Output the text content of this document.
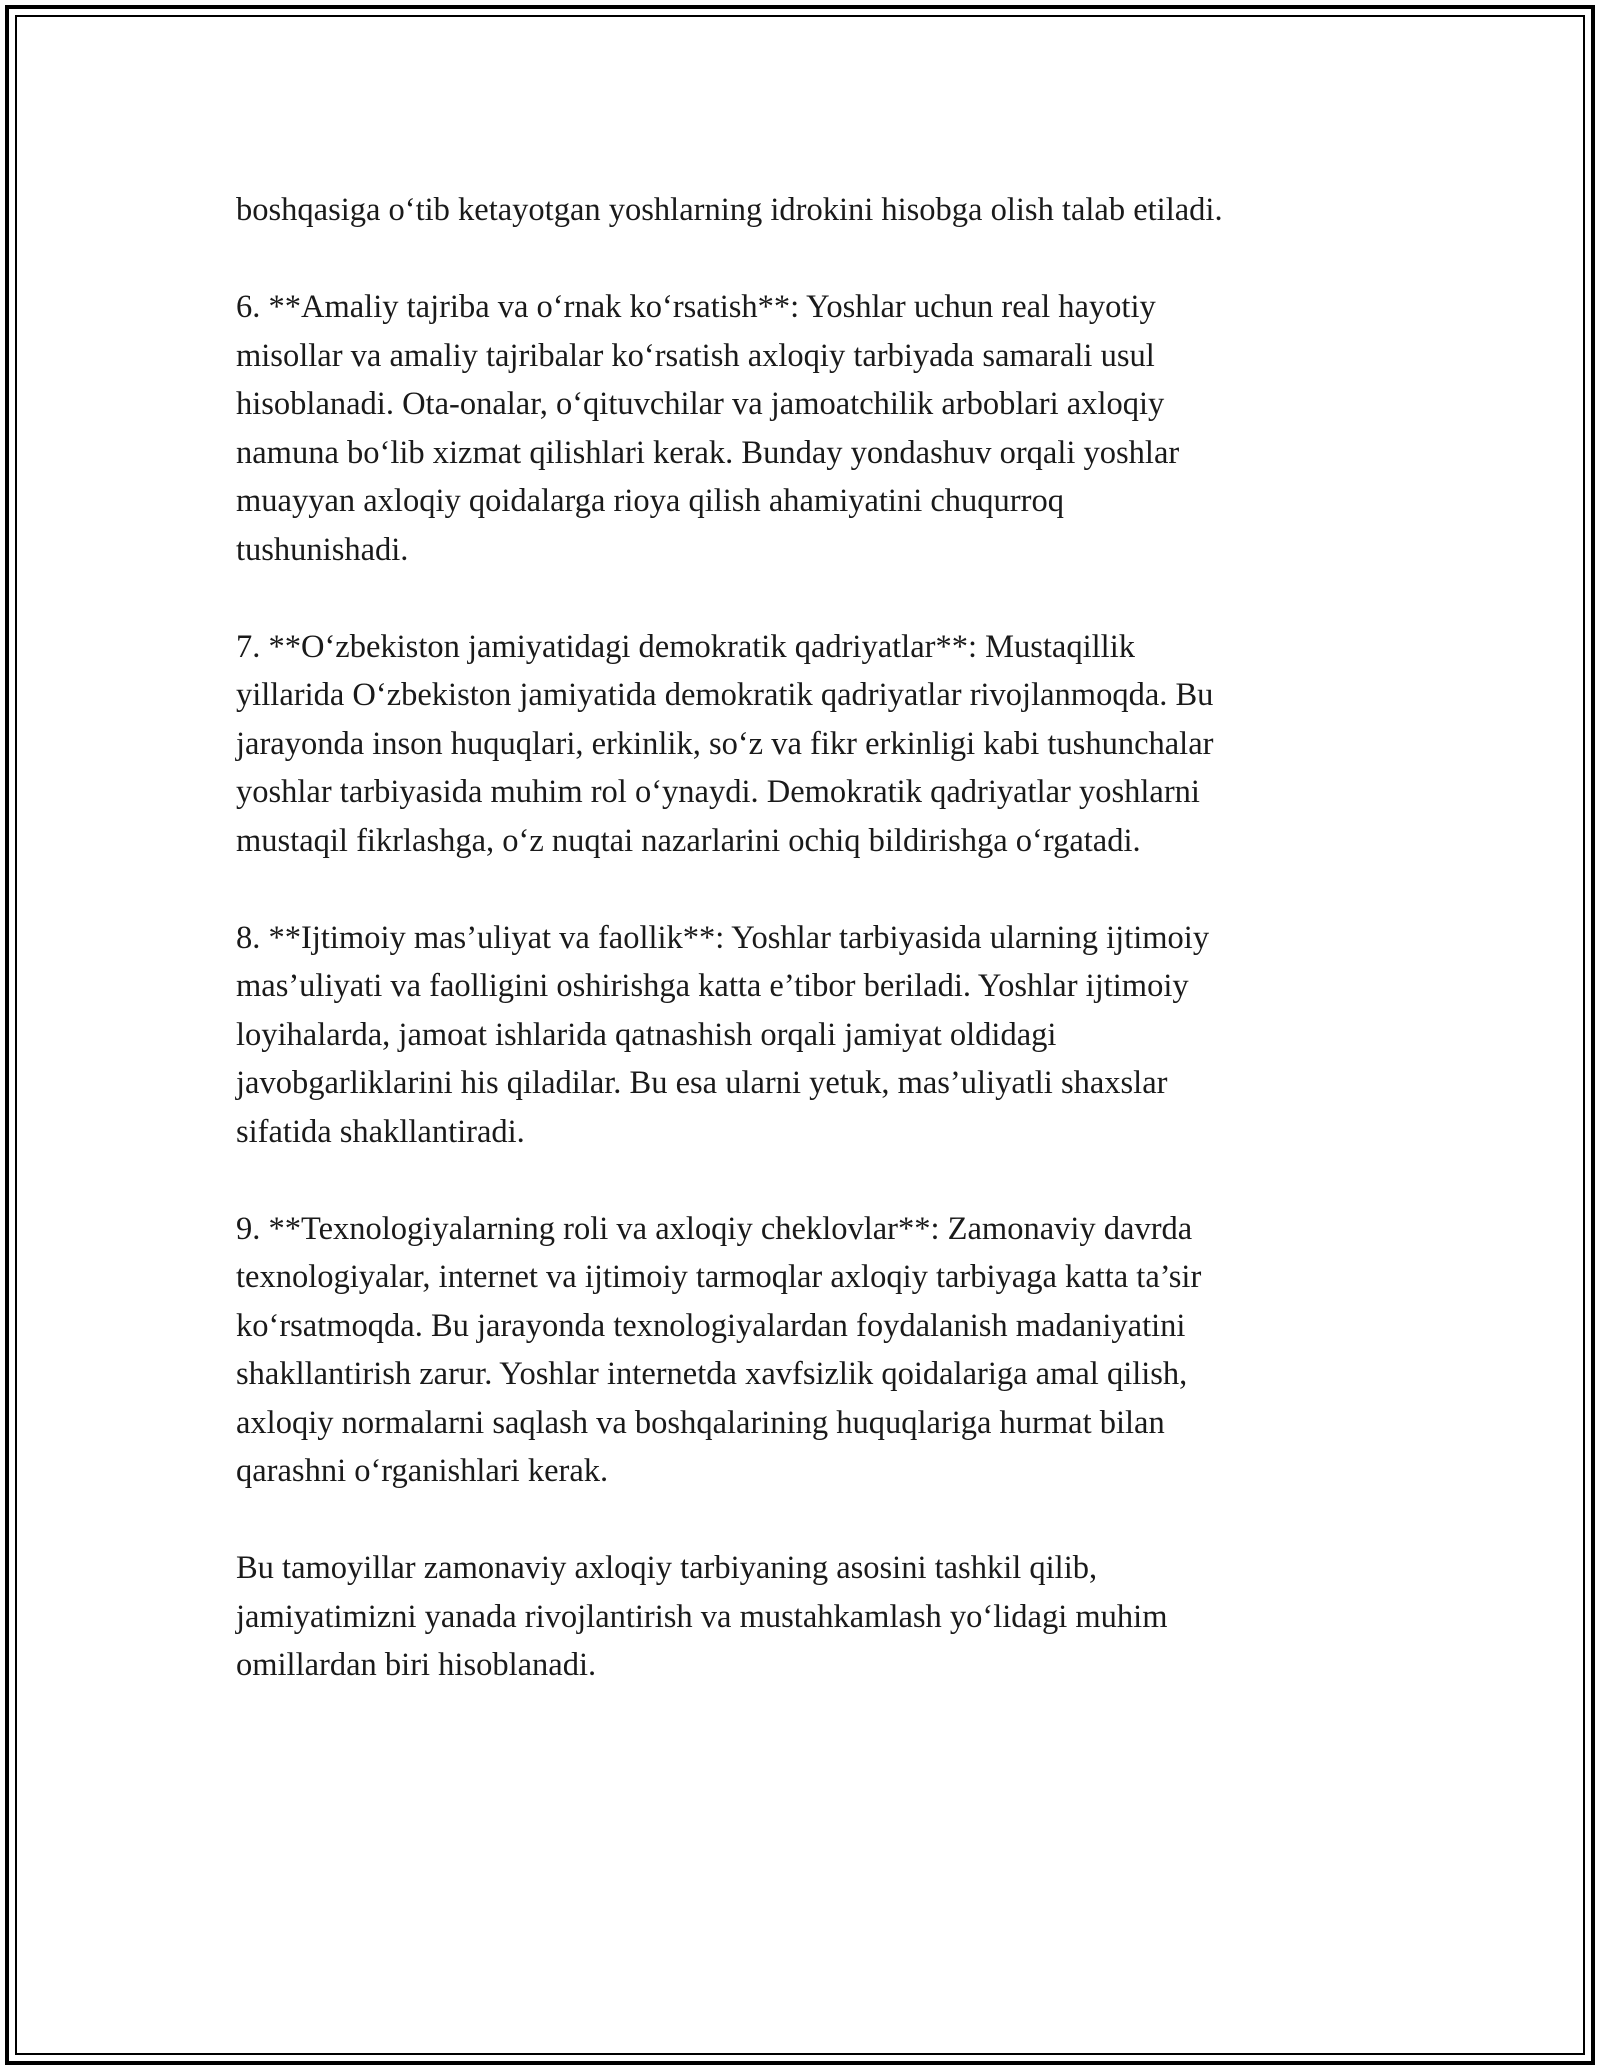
boshqasiga o‘tib ketayotgan yoshlarning idrokini hisobga olish talab etiladi.

6. **Amaliy tajriba va o‘rnak ko‘rsatish**: Yoshlar uchun real hayotiy
misollar va amaliy tajribalar ko‘rsatish axloqiy tarbiyada samarali usul
hisoblanadi. Ota-onalar, o‘qituvchilar va jamoatchilik arboblari axloqiy
namuna bo‘lib xizmat qilishlari kerak. Bunday yondashuv orqali yoshlar
muayyan axloqiy qoidalarga rioya qilish ahamiyatini chuqurroq
tushunishadi.

7. **O‘zbekiston jamiyatidagi demokratik qadriyatlar**: Mustaqillik
yillarida O‘zbekiston jamiyatida demokratik qadriyatlar rivojlanmoqda. Bu
jarayonda inson huquqlari, erkinlik, so‘z va fikr erkinligi kabi tushunchalar
yoshlar tarbiyasida muhim rol o‘ynaydi. Demokratik qadriyatlar yoshlarni
mustaqil fikrlashga, o‘z nuqtai nazarlarini ochiq bildirishga o‘rgatadi.

8. **Ijtimoiy mas’uliyat va faollik**: Yoshlar tarbiyasida ularning ijtimoiy
mas’uliyati va faolligini oshirishga katta e’tibor beriladi. Yoshlar ijtimoiy
loyihalarda, jamoat ishlarida qatnashish orqali jamiyat oldidagi
javobgarliklarini his qiladilar. Bu esa ularni yetuk, mas’uliyatli shaxslar
sifatida shakllantiradi.

9. **Texnologiyalarning roli va axloqiy cheklovlar**: Zamonaviy davrda
texnologiyalar, internet va ijtimoiy tarmoqlar axloqiy tarbiyaga katta ta’sir
ko‘rsatmoqda. Bu jarayonda texnologiyalardan foydalanish madaniyatini
shakllantirish zarur. Yoshlar internetda xavfsizlik qoidalariga amal qilish,
axloqiy normalarni saqlash va boshqalarining huquqlariga hurmat bilan
qarashni o‘rganishlari kerak.

Bu tamoyillar zamonaviy axloqiy tarbiyaning asosini tashkil qilib,
jamiyatimizni yanada rivojlantirish va mustahkamlash yo‘lidagi muhim
omillardan biri hisoblanadi.
